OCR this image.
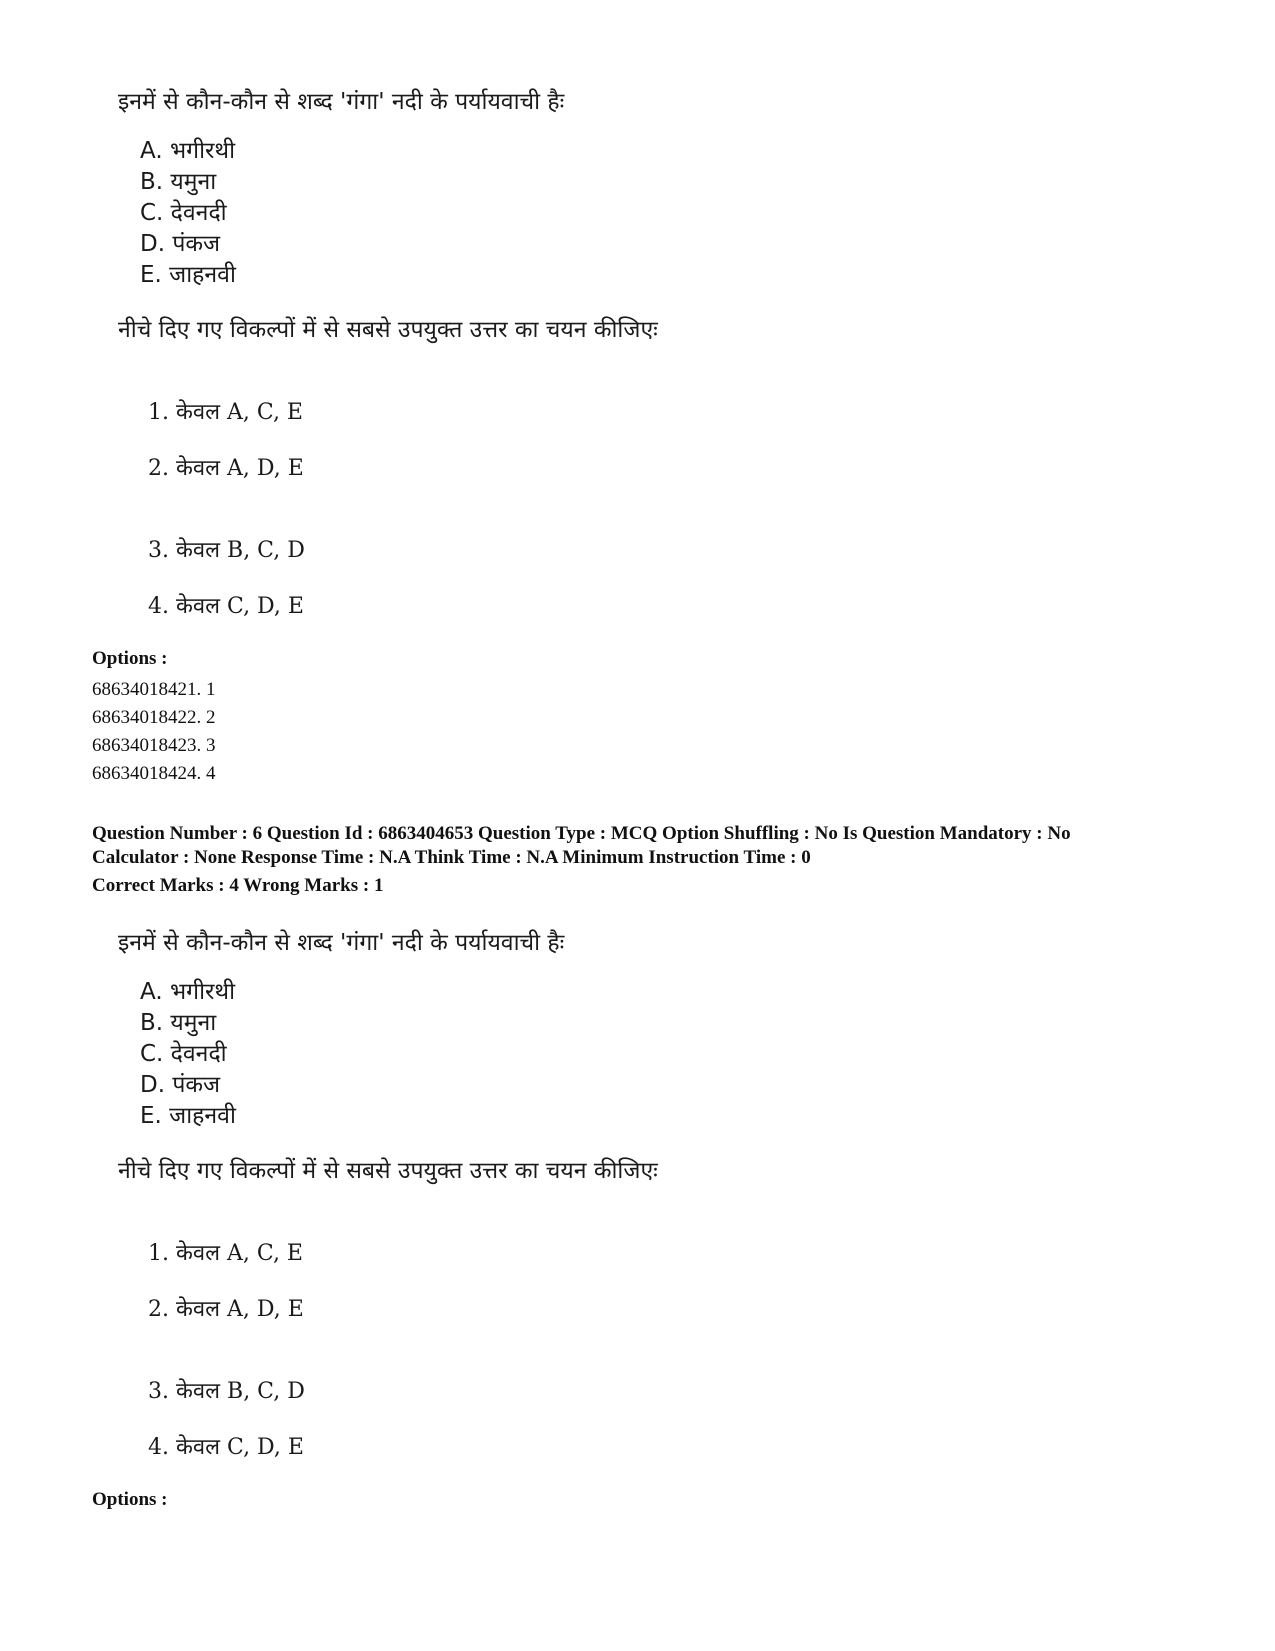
इनमें से कौन-कौन से शब्द 'गंगा' नदी के पर्यायवाची हैः
A. भगीरथी
B. यमुना
C. देवनदी
D. पंकज
E. जाहनवी
नीचे दिए गए विकल्पों में से सबसे उपयुक्त उत्तर का चयन कीजिएः
1. केवल A, C, E
2. केवल A, D, E
3. केवल B, C, D
4. केवल C, D, E
Options :
68634018421. 1
68634018422. 2
68634018423. 3
68634018424. 4
Question Number : 6 Question Id : 6863404653 Question Type : MCQ Option Shuffling : No Is Question Mandatory : No
Calculator : None Response Time : N.A Think Time : N.A Minimum Instruction Time : 0
Correct Marks : 4 Wrong Marks : 1
इनमें से कौन-कौन से शब्द 'गंगा' नदी के पर्यायवाची हैः
A. भगीरथी
B. यमुना
C. देवनदी
D. पंकज
E. जाहनवी
नीचे दिए गए विकल्पों में से सबसे उपयुक्त उत्तर का चयन कीजिएः
1. केवल A, C, E
2. केवल A, D, E
3. केवल B, C, D
4. केवल C, D, E
Options :
